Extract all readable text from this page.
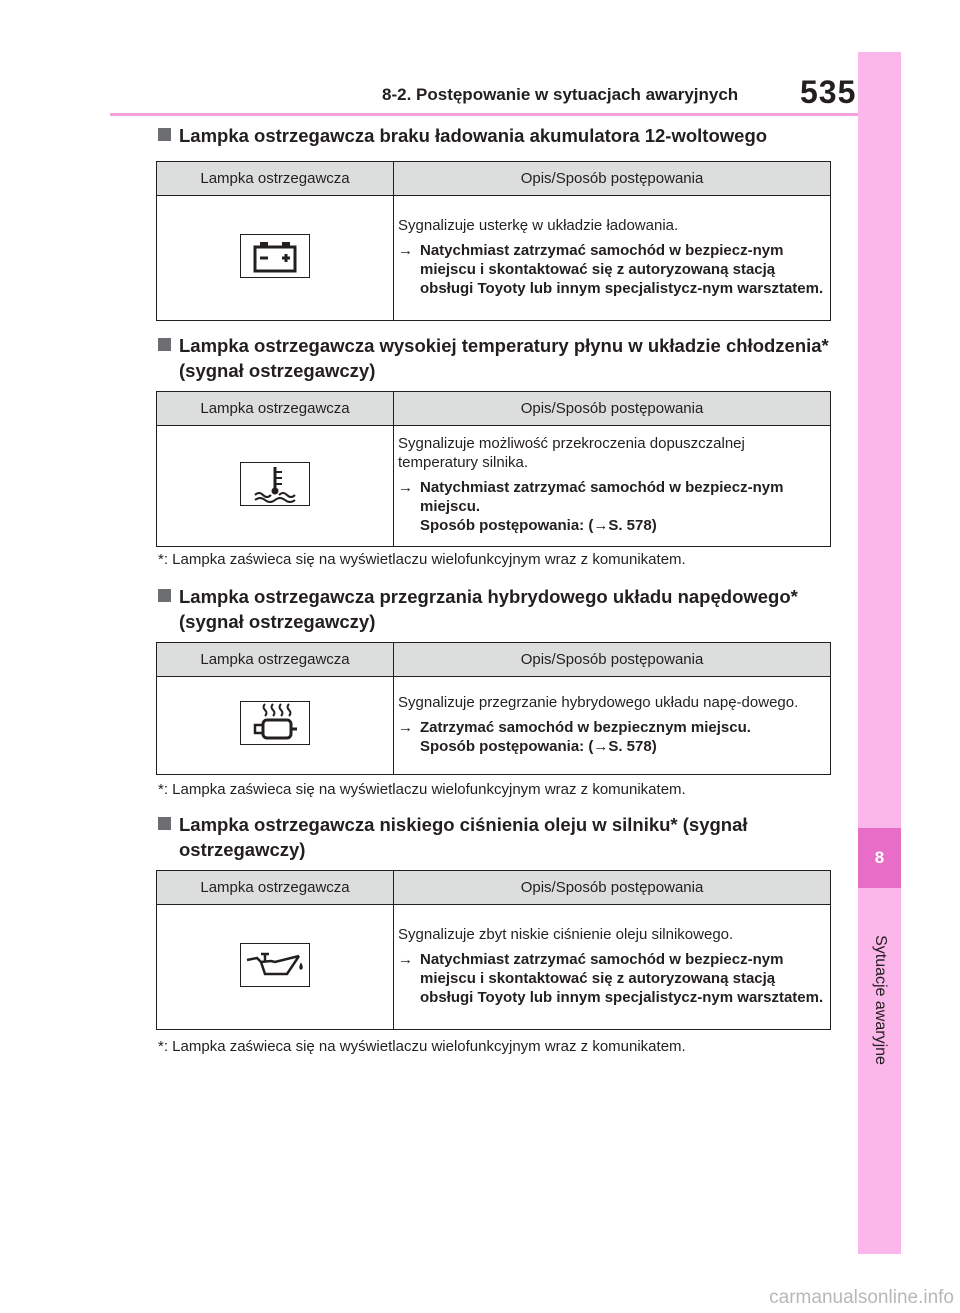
8-2. Postępowanie w sytuacjach awaryjnych 535
8
Sytuacje awaryjne
Lampka ostrzegawcza braku ładowania akumulatora 12-woltowego
Lampka ostrzegawcza	Opis/Sposób postępowania

Sygnalizuje usterkę w układzie ładowania.
→ Natychmiast zatrzymać samochód w bezpiecz-nym miejscu i skontaktować się z autoryzowaną stacją obsługi Toyoty lub innym specjalistycz-nym warsztatem.
Lampka ostrzegawcza wysokiej temperatury płynu w układzie chłodzenia* (sygnał ostrzegawczy)
Lampka ostrzegawcza	Opis/Sposób postępowania

Sygnalizuje możliwość przekroczenia dopuszczalnej temperatury silnika.
→ Natychmiast zatrzymać samochód w bezpiecz-nym miejscu.
Sposób postępowania: (→S. 578)
*: Lampka zaświeca się na wyświetlaczu wielofunkcyjnym wraz z komunikatem.
Lampka ostrzegawcza przegrzania hybrydowego układu napędowego* (sygnał ostrzegawczy)
Lampka ostrzegawcza	Opis/Sposób postępowania

Sygnalizuje przegrzanie hybrydowego układu napę-dowego.
→ Zatrzymać samochód w bezpiecznym miejscu.
Sposób postępowania: (→S. 578)
*: Lampka zaświeca się na wyświetlaczu wielofunkcyjnym wraz z komunikatem.
Lampka ostrzegawcza niskiego ciśnienia oleju w silniku* (sygnał ostrzegawczy)
Lampka ostrzegawcza	Opis/Sposób postępowania

Sygnalizuje zbyt niskie ciśnienie oleju silnikowego.
→ Natychmiast zatrzymać samochód w bezpiecz-nym miejscu i skontaktować się z autoryzowaną stacją obsługi Toyoty lub innym specjalistycz-nym warsztatem.
*: Lampka zaświeca się na wyświetlaczu wielofunkcyjnym wraz z komunikatem.
carmanualsonline.info
